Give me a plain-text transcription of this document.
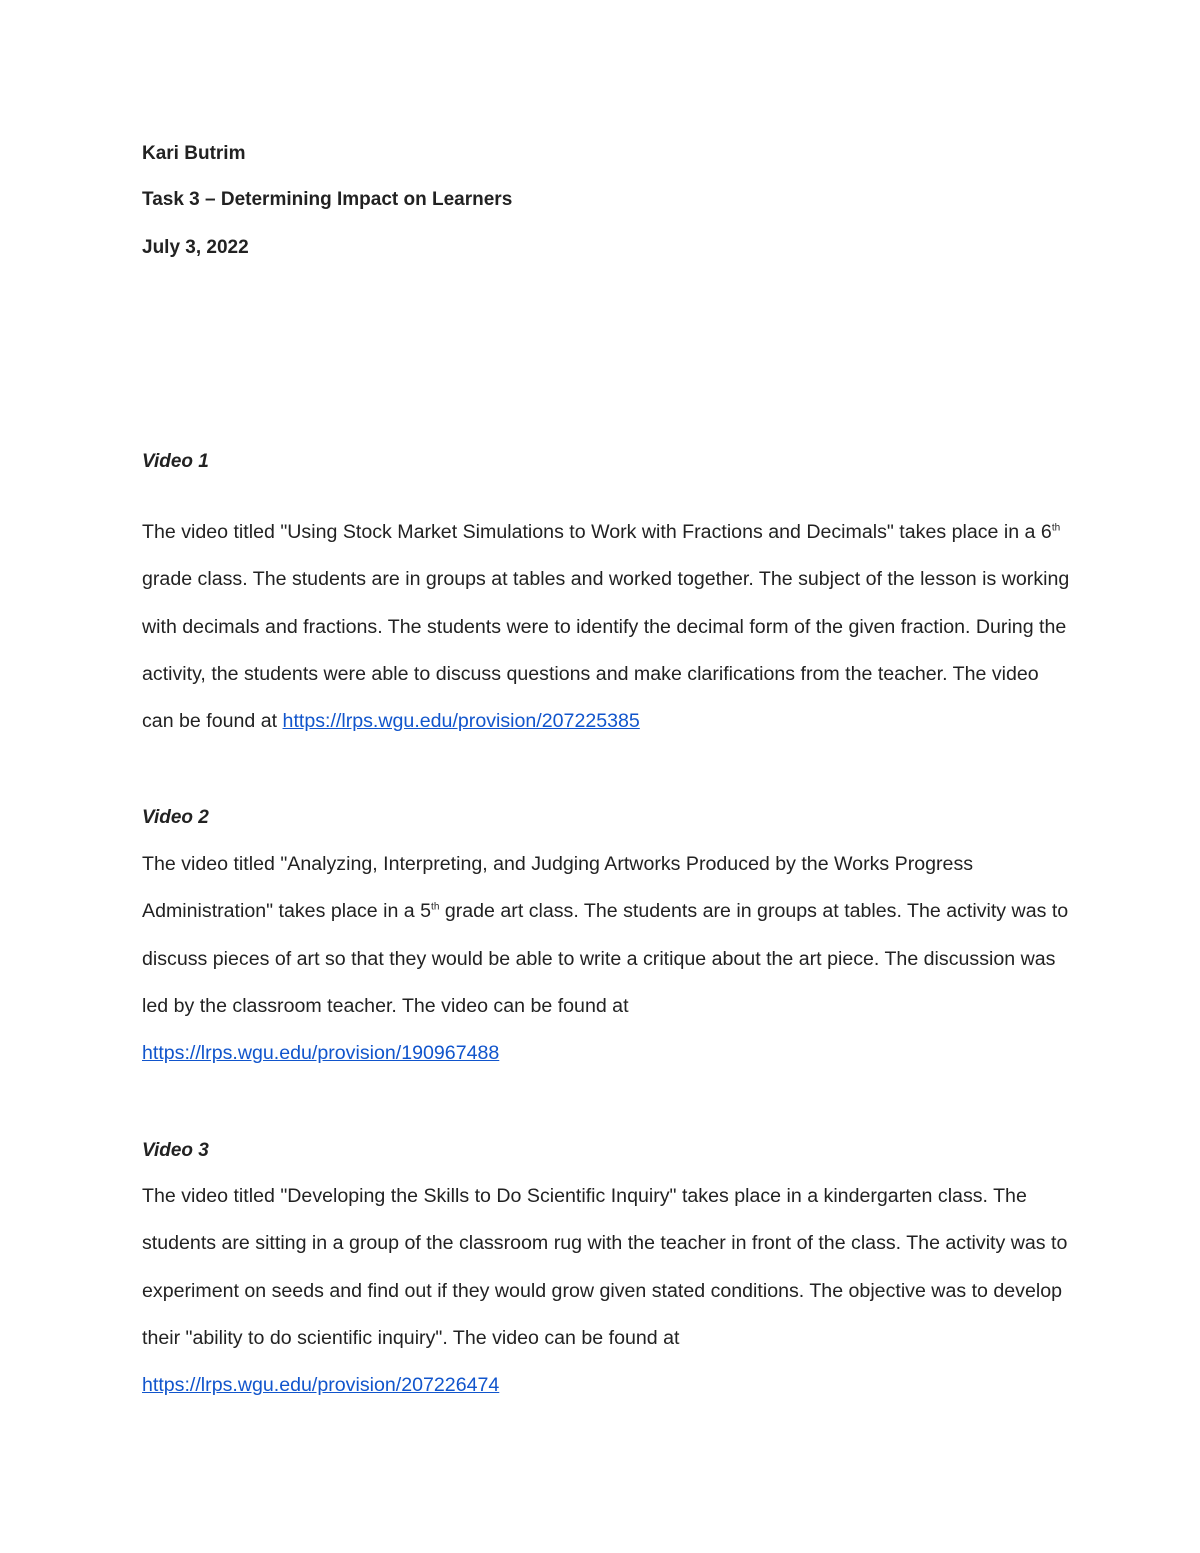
Kari Butrim

Task 3 – Determining Impact on Learners

July 3, 2022

Video 1

The video titled "Using Stock Market Simulations to Work with Fractions and Decimals" takes place in a 6th grade class. The students are in groups at tables and worked together. The subject of the lesson is working with decimals and fractions. The students were to identify the decimal form of the given fraction. During the activity, the students were able to discuss questions and make clarifications from the teacher. The video can be found at https://lrps.wgu.edu/provision/207225385

Video 2

The video titled "Analyzing, Interpreting, and Judging Artworks Produced by the Works Progress Administration" takes place in a 5th grade art class. The students are in groups at tables. The activity was to discuss pieces of art so that they would be able to write a critique about the art piece. The discussion was led by the classroom teacher. The video can be found at
https://lrps.wgu.edu/provision/190967488

Video 3

The video titled "Developing the Skills to Do Scientific Inquiry" takes place in a kindergarten class. The students are sitting in a group of the classroom rug with the teacher in front of the class. The activity was to experiment on seeds and find out if they would grow given stated conditions. The objective was to develop their "ability to do scientific inquiry". The video can be found at
https://lrps.wgu.edu/provision/207226474
